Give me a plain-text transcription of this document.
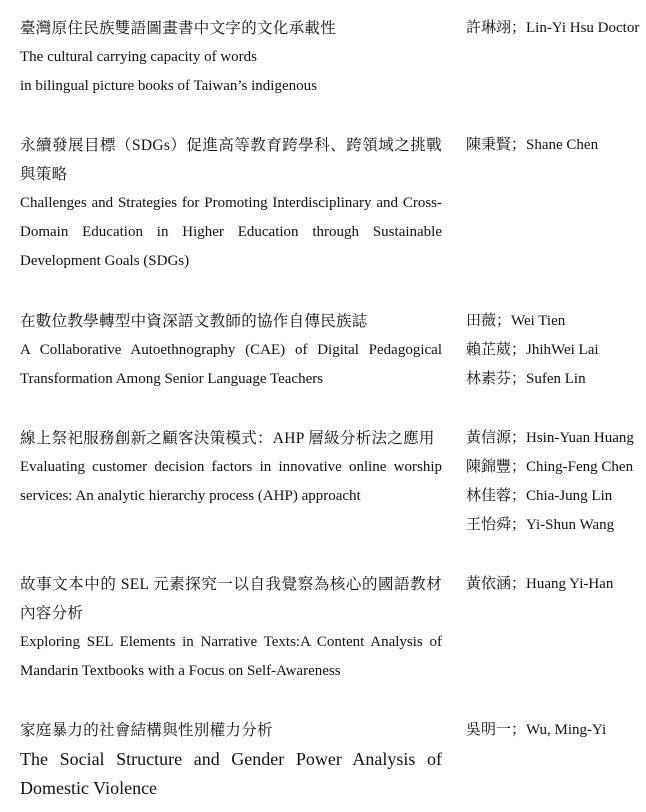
臺灣原住民族雙語圖畫書中文字的文化承載性
The cultural carrying capacity of words
in bilingual picture books of Taiwan’s indigenous
許琳翊；Lin-Yi Hsu Doctor
永續發展目標（SDGs）促進高等教育跨學科、跨領域之挑戰與策略
Challenges and Strategies for Promoting Interdisciplinary and Cross-Domain Education in Higher Education through Sustainable Development Goals (SDGs)
陳秉賢；Shane Chen
在數位教學轉型中資深語文教師的協作自傳民族誌
A Collaborative Autoethnography (CAE) of Digital Pedagogical Transformation Among Senior Language Teachers
田薇；Wei Tien
賴芷葳；JhihWei Lai
林素芬；Sufen Lin
線上祭祀服務創新之顧客決策模式：AHP 層級分析法之應用
Evaluating customer decision factors in innovative online worship services: An analytic hierarchy process (AHP) approacht
黃信源；Hsin-Yuan Huang
陳錦豐；Ching-Feng Chen
林佳蓉；Chia-Jung Lin
王怡舜；Yi-Shun Wang
故事文本中的 SEL 元素探究一以自我覺察為核心的國語教材內容分析
Exploring SEL Elements in Narrative Texts:A Content Analysis of Mandarin Textbooks with a Focus on Self-Awareness
黃依涵；Huang Yi-Han
家庭暴力的社會結構與性別權力分析
The Social Structure and Gender Power Analysis of Domestic Violence
吳明一；Wu, Ming-Yi
